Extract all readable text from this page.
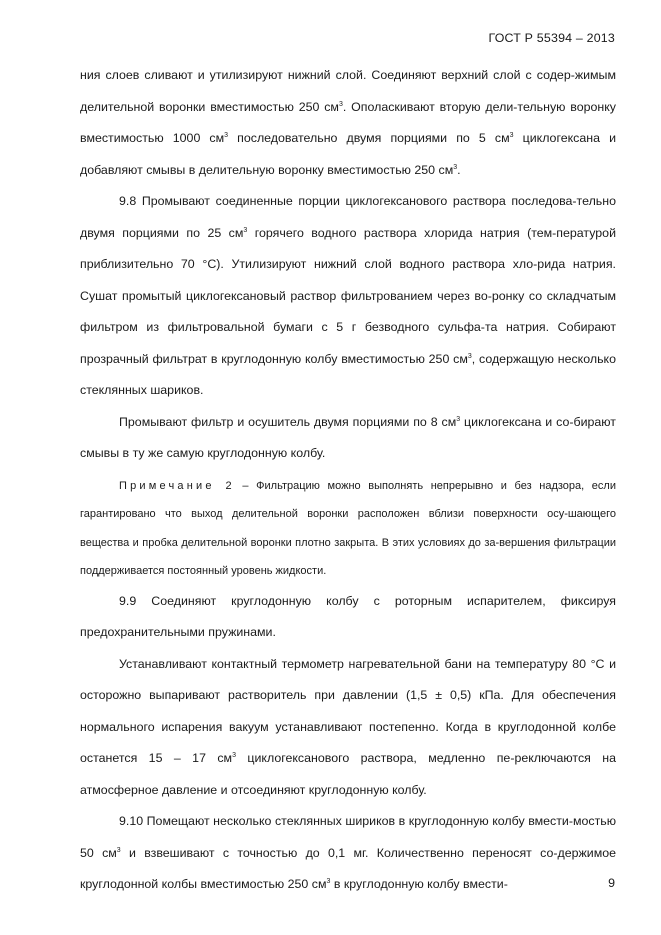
ГОСТ Р 55394 – 2013

ния слоев сливают и утилизируют нижний слой. Соединяют верхний слой с содер-жимым делительной воронки вместимостью 250 $см^3$. Ополаскивают вторую дели-тельную воронку вместимостью 1000 $см^3$ последовательно двумя порциями по 5 $см^3$ циклогексана и добавляют смывы в делительную воронку вместимостью 250 $см^3$.

9.8 Промывают соединенные порции циклогексанового раствора последова-тельно двумя порциями по 25 $см^3$ горячего водного раствора хлорида натрия (тем-пературой приблизительно 70 °С). Утилизируют нижний слой водного раствора хло-рида натрия. Сушат промытый циклогексановый раствор фильтрованием через во-ронку со складчатым фильтром из фильтровальной бумаги с 5 г безводного сульфа-та натрия. Собирают прозрачный фильтрат в круглодонную колбу вместимостью 250 $см^3$, содержащую несколько стеклянных шариков.

Промывают фильтр и осушитель двумя порциями по 8 $см^3$ циклогексана и со-бирают смывы в ту же самую круглодонную колбу.

Примечание 2 – Фильтрацию можно выполнять непрерывно и без надзора, если гарантировано что выход делительной воронки расположен вблизи поверхности осу-шающего вещества и пробка делительной воронки плотно закрыта. В этих условиях до за-вершения фильтрации поддерживается постоянный уровень жидкости.

9.9 Соединяют круглодонную колбу с роторным испарителем, фиксируя предохранительными пружинами.

Устанавливают контактный термометр нагревательной бани на температуру 80 °С и осторожно выпаривают растворитель при давлении (1,5 ± 0,5) кПа. Для обеспечения нормального испарения вакуум устанавливают постепенно. Когда в круглодонной колбе останется 15 – 17 $см^3$ циклогексанового раствора, медленно пе-реключаются на атмосферное давление и отсоединяют круглодонную колбу.

9.10 Помещают несколько стеклянных шириков в круглодонную колбу вмести-мостью 50 $см^3$ и взвешивают с точностью до 0,1 мг. Количественно переносят со-держимое круглодонной колбы вместимостью 250 $см^3$ в круглодонную колбу вмести-	9
